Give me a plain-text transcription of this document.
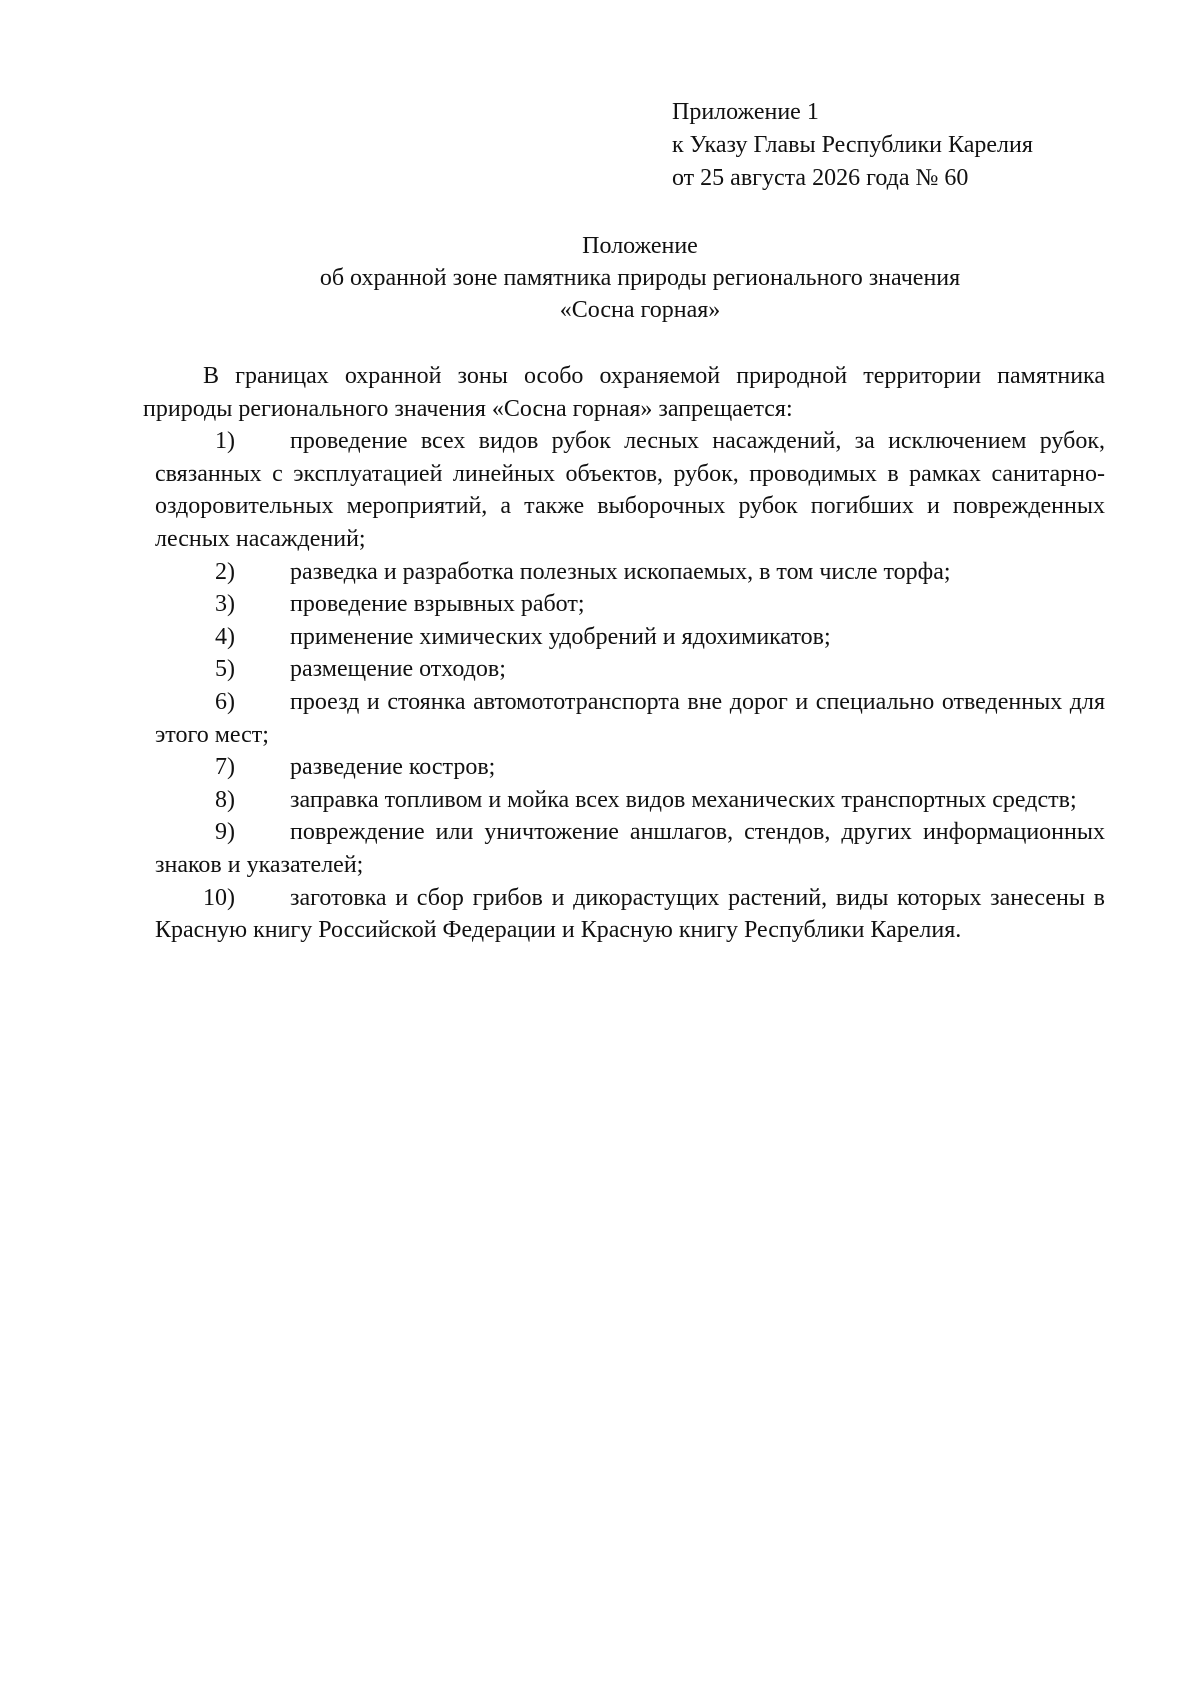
Приложение 1
к Указу Главы Республики Карелия
от 25 августа 2026 года № 60
Положение
об охранной зоне памятника природы регионального значения
«Сосна горная»

В границах охранной зоны особо охраняемой природной территории памятника природы регионального значения «Сосна горная» запрещается:

1) проведение всех видов рубок лесных насаждений, за исключением рубок, связанных с эксплуатацией линейных объектов, рубок, проводимых в рамках санитарно-оздоровительных мероприятий, а также выборочных рубок погибших и поврежденных лесных насаждений;

2) разведка и разработка полезных ископаемых, в том числе торфа;

3) проведение взрывных работ;

4) применение химических удобрений и ядохимикатов;

5) размещение отходов;

6) проезд и стоянка автомототранспорта вне дорог и специально отведенных для этого мест;

7) разведение костров;

8) заправка топливом и мойка всех видов механических транспортных средств;

9) повреждение или уничтожение аншлагов, стендов, других информационных знаков и указателей;

10) заготовка и сбор грибов и дикорастущих растений, виды которых занесены в Красную книгу Российской Федерации и Красную книгу Республики Карелия.
